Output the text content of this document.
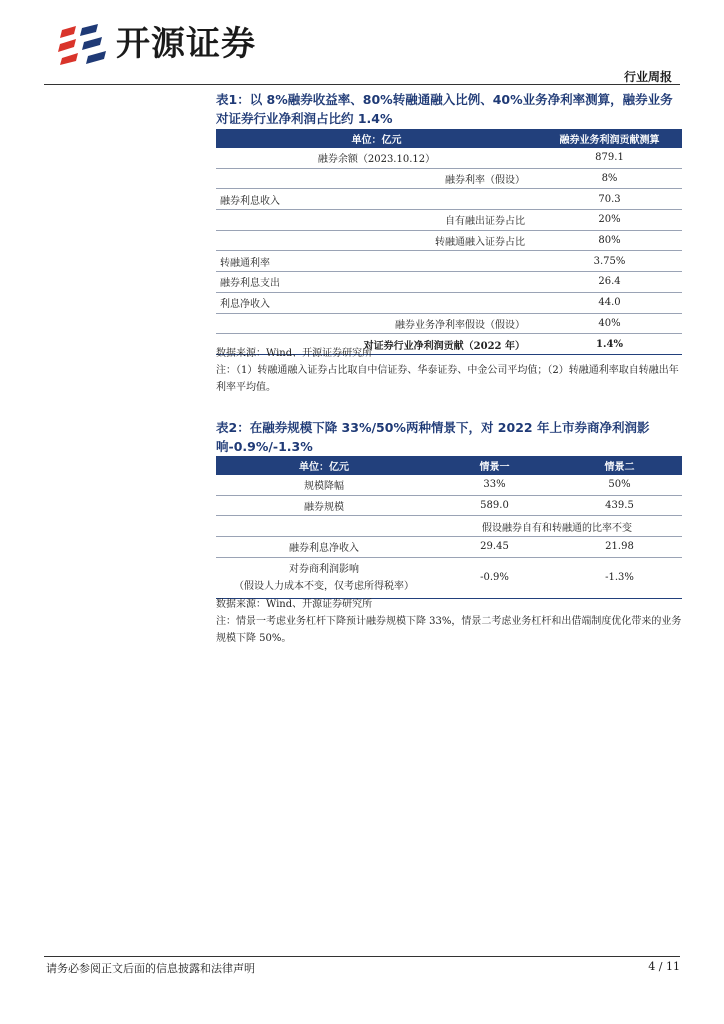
开源证券
行业周报
表1：以 8%融券收益率、80%转融通融入比例、40%业务净利率测算，融券业务对证券行业净利润占比约 1.4%
单位：亿元	融券业务利润贡献测算
融券余额（2023.10.12）	879.1
融券利率（假设）	8%
融券利息收入	70.3
自有融出证券占比	20%
转融通融入证券占比	80%
转融通利率	3.75%
融券利息支出	26.4
利息净收入	44.0
融券业务净利率假设（假设）	40%
对证券行业净利润贡献（2022 年）	1.4%
数据来源：Wind、开源证券研究所
注：（1）转融通融入证券占比取自中信证券、华泰证券、中金公司平均值；（2）转融通利率取自转融出年利率平均值。
表2：在融券规模下降 33%/50%两种情景下，对 2022 年上市券商净利润影响-0.9%/-1.3%
单位：亿元	情景一	情景二
规模降幅	33%	50%
融券规模	589.0	439.5
	假设融券自有和转融通的比率不变	
融券利息净收入	29.45	21.98

对券商利润影响
（假设人力成本不变，仅考虑所得税率）	-0.9%	-1.3%
数据来源：Wind、开源证券研究所
注：情景一考虑业务杠杆下降预计融券规模下降 33%，情景二考虑业务杠杆和出借端制度优化带来的业务规模下降 50%。
请务必参阅正文后面的信息披露和法律声明	4 / 11
